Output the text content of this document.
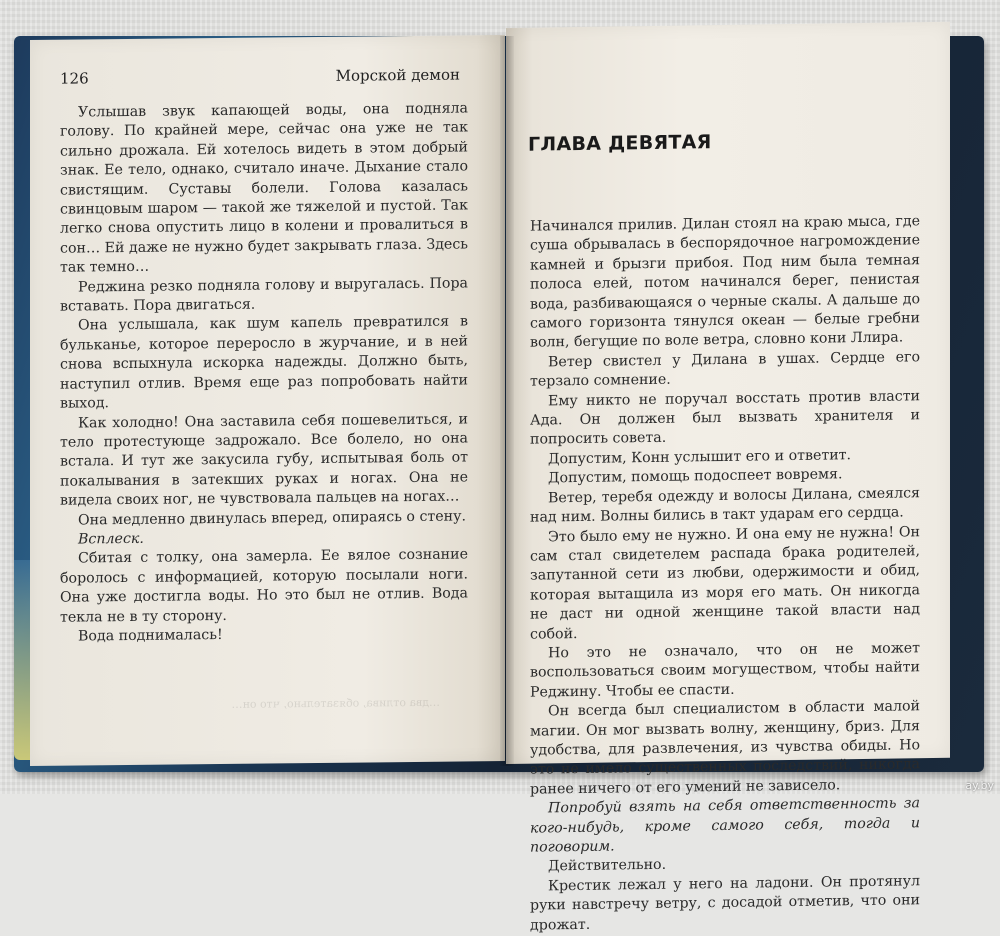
126	Морской демон

Услышав звук капающей воды, она подняла голову. По крайней мере, сейчас она уже не так сильно дрожала. Ей хотелось видеть в этом добрый знак. Ее тело, однако, считало иначе. Дыхание стало свистящим. Суставы болели. Голова казалась свинцовым шаром — такой же тяжелой и пустой. Так легко снова опустить лицо в колени и провалиться в сон… Ей даже не нужно будет закрывать глаза. Здесь так темно…

Реджина резко подняла голову и выругалась. Пора вставать. Пора двигаться.

Она услышала, как шум капель превратился в бульканье, которое переросло в журчание, и в ней снова вспыхнула искорка надежды. Должно быть, наступил отлив. Время еще раз попробовать найти выход.

Как холодно! Она заставила себя пошевелиться, и тело протестующе задрожало. Все болело, но она встала. И тут же закусила губу, испытывая боль от покалывания в затекших руках и ногах. Она не видела своих ног, не чувствовала пальцев на ногах…

Она медленно двинулась вперед, опираясь о стену.

Всплеск.

Сбитая с толку, она замерла. Ее вялое сознание боролось с информацией, которую посылали ноги. Она уже достигла воды. Но это был не отлив. Вода текла не в ту сторону.

Вода поднималась!

…два отлива, обязательно, что он…
ГЛАВА ДЕВЯТАЯ

Начинался прилив. Дилан стоял на краю мыса, где суша обрывалась в беспорядочное нагромождение камней и брызги прибоя. Под ним была темная полоса елей, потом начинался берег, пенистая вода, разбивающаяся о черные скалы. А дальше до самого горизонта тянулся океан — белые гребни волн, бегущие по воле ветра, словно кони Ллира.

Ветер свистел у Дилана в ушах. Сердце его терзало сомнение.

Ему никто не поручал восстать против власти Ада. Он должен был вызвать хранителя и попросить совета.

Допустим, Конн услышит его и ответит.

Допустим, помощь подоспеет вовремя.

Ветер, теребя одежду и волосы Дилана, смеялся над ним. Волны бились в такт ударам его сердца.

Это было ему не нужно. И она ему не нужна! Он сам стал свидетелем распада брака родителей, запутанной сети из любви, одержимости и обид, которая вытащила из моря его мать. Он никогда не даст ни одной женщине такой власти над собой.

Но это не означало, что он не может воспользоваться своим могуществом, чтобы найти Реджину. Чтобы ее спасти.

Он всегда был специалистом в области малой магии. Он мог вызвать волну, женщину, бриз. Для удобства, для развлечения, из чувства обиды. Но это не имело существенных последствий, никогда ранее ничего от его умений не зависело.

Попробуй взять на себя ответственность за кого-нибудь, кроме самого себя, тогда и поговорим.

Действительно.

Крестик лежал у него на ладони. Он протянул руки навстречу ветру, с досадой отметив, что они дрожат.

ay.by
